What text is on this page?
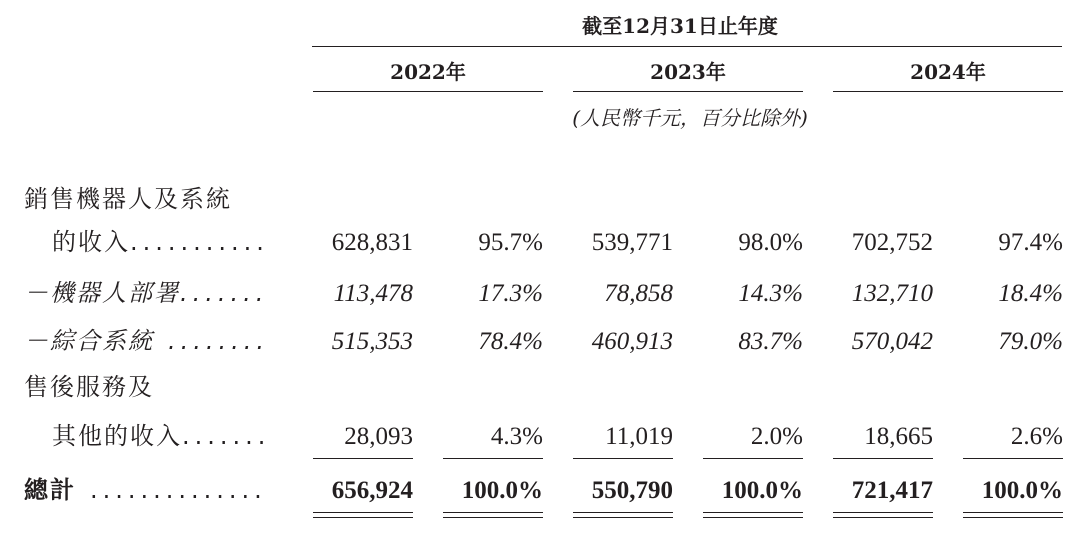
截至12月31日止年度
2022年	2023年	2024年
(人民幣千元，百分比除外)
銷售機器人及系統
的收入...........	628,831	95.7%	539,771	98.0%	702,752	97.4%
－機器人部署.......	113,478	17.3%	78,858	14.3%	132,710	18.4%
－綜合系統 ........	515,353	78.4%	460,913	83.7%	570,042	79.0%
售後服務及
其他的收入.......	28,093	4.3%	11,019	2.0%	18,665	2.6%
總計 ..............	656,924	100.0%	550,790	100.0%	721,417	100.0%
